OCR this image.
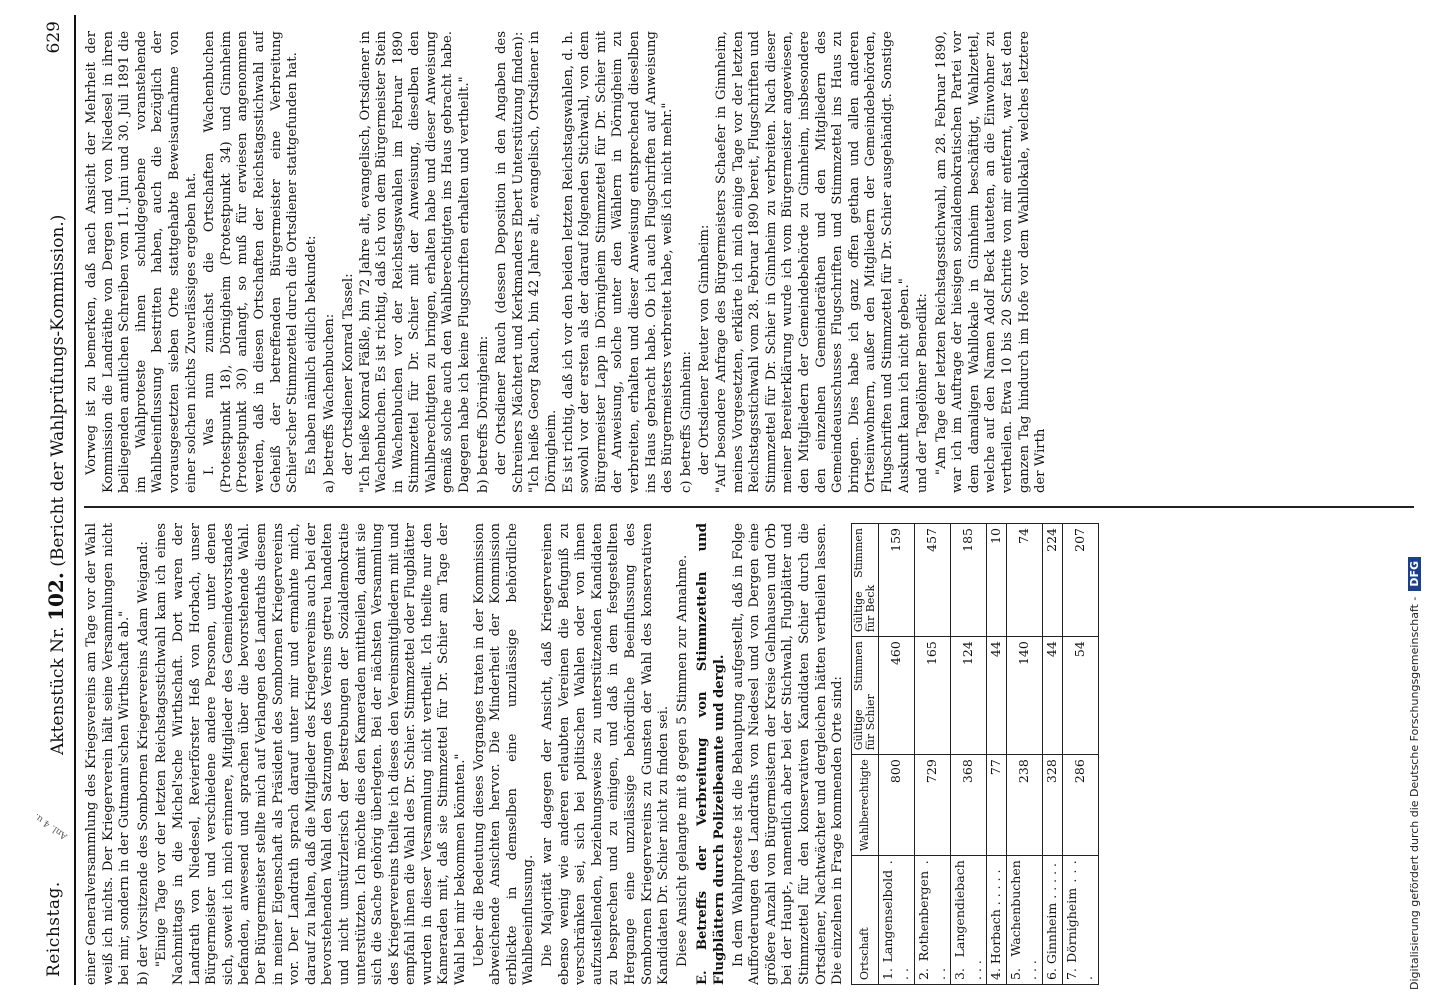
Reichstag.
Aktenstück Nr. 102. (Bericht der Wahlprüfungs-Kommission.)
629
Anl. 4 u. einer Generalversammlung des Kriegsvereins am Tage vor der Wahl weiß ich nichts. Der Kriegerverein hält seine Versammlungen nicht bei mir, sondern in der Gutmann'schen Wirthschaft ab." b) der Vorsitzende des Sombornen Kriegervereins Adam Weigand: "Einige Tage vor der letzten Reichstagsstichwahl kam ich eines Nachmittags in die Michel'sche Wirthschaft. Dort waren der Landrath von Niedesel, Revierförster Heß von Horbach, unser Bürgermeister und verschiedene andere Personen, unter denen sich, soweit ich mich erinnere, Mitglieder des Gemeindevorstandes befanden, anwesend und sprachen über die bevorstehende Wahl. Der Bürgermeister stellte mich auf Verlangen des Landraths diesem in meiner Eigenschaft als Präsident des Sombornen Kriegervereins vor. Der Landrath sprach darauf unter mir und ermahnte mich, darauf zu halten, daß die Mitglieder des Kriegervereins auch bei der bevorstehenden Wahl den Satzungen des Vereins getreu handelten und nicht umstürzlerisch der Bestrebungen der Sozialdemokratie unterstützten. Ich möchte dies den Kameraden mittheilen, damit sie sich die Sache gehörig überlegten. Bei der nächsten Versammlung des Kriegervereins theilte ich dieses den Vereinsmitgliedern mit und empfahl ihnen die Wahl des Dr. Schier. Stimmzettel oder Flugblätter wurden in dieser Versammlung nicht vertheilt. Ich theilte nur den Kameraden mit, daß sie Stimmzettel für Dr. Schier am Tage der Wahl bei mir bekommen könnten." Ueber die Bedeutung dieses Vorganges traten in der Kommission abweichende Ansichten hervor. Die Minderheit der Kommission erblickte in demselben eine unzulässige behördliche Wahlbeeinflussung. Die Majorität war dagegen der Ansicht, daß Kriegervereinen ebenso wenig wie anderen erlaubten Vereinen die Befugniß zu verschränken sei, sich bei politischen Wahlen oder von ihnen aufzustellenden, beziehungsweise zu unterstützenden Kandidaten zu besprechen und zu einigen, und daß in dem festgestellten Hergange eine unzulässige behördliche Beeinflussung des Sombornen Kriegervereins zu Gunsten der Wahl des konservativen Kandidaten Dr. Schier nicht zu finden sei. Diese Ansicht gelangte mit 8 gegen 5 Stimmen zur Annahme. E. Betreffs der Verbreitung von Stimmzetteln und Flugblättern durch Polizeibeamte und dergl. In dem Wahlproteste ist die Behauptung aufgestellt, daß in Folge Aufforderungen des Landraths von Niedesel und von Dergen eine größere Anzahl von Bürgermeistern der Kreise Gelnhausen und Orb bei der Haupt-, namentlich aber bei der Stichwahl, Flugblätter und Stimmzettel für den konservativen Kandidaten Schier durch die Ortsdiener, Nachtwächter und dergleichen hätten vertheilen lassen. Die einzelnen in Frage kommenden Orte sind: Ortschaft	Wahlberechtigte	Gültige Stimmen für Schier	Gültige Stimmen für Beck
1. Langenselbold . . .	800	460	159
2. Rothenbergen . . .	729	165	457
3. Langendiebach . . .	368	124	185
4. Horbach . . . . .	77	44	10
5. Wachenbuchen . . .	238	140	74
6. Ginnheim . . . . .	328	44	224
7. Dörnigheim . . . .	286	54	207

Vorweg ist zu bemerken, daß nach Ansicht der Mehrheit der Kommission die Landräthe von Dergen und von Niedesel in ihren beiliegenden amtlichen Schreiben vom 11. Juni und 30. Juli 1891 die im Wahlproteste ihnen schuldgegebene voranstehende Wahlbeeinflussung bestritten haben, auch die bezüglich der vorausgesetzten sieben Orte stattgehabte Beweisaufnahme von einer solchen nichts Zuverlässiges ergeben hat. I. Was nun zunächst die Ortschaften Wachenbuchen (Protestpunkt 18), Dörnigheim (Protestpunkt 34) und Ginnheim (Protestpunkt 30) anlangt, so muß für erwiesen angenommen werden, daß in diesen Ortschaften der Reichstagsstichwahl auf Geheiß der betreffenden Bürgermeister eine Verbreitung Schier'scher Stimmzettel durch die Ortsdiener stattgefunden hat. Es haben nämlich eidlich bekundet: a) betreffs Wachenbuchen: der Ortsdiener Konrad Tassel:
"Ich heiße Konrad Fäßle, bin 72 Jahre alt, evangelisch, Ortsdiener in Wachenbuchen. Es ist richtig, daß ich von dem Bürgermeister Stein in Wachenbuchen vor der Reichstagswahlen im Februar 1890 Stimmzettel für Dr. Schier mit der Anweisung, dieselben den Wahlberechtigten zu bringen, erhalten habe und dieser Anweisung gemäß solche auch den Wahlberechtigten ins Haus gebracht habe. Dagegen habe ich keine Flugschriften erhalten und vertheilt."

b) betreffs Dörnigheim: der Ortsdiener Rauch (dessen Deposition in den Angaben des Schreiners Mächtert und Kerkmanders Ebert Unterstützung finden):
"Ich heiße Georg Rauch, bin 42 Jahre alt, evangelisch, Ortsdiener in Dörnigheim.
Es ist richtig, daß ich vor den beiden letzten Reichstagswahlen, d. h. sowohl vor der ersten als der darauf folgenden Stichwahl, von dem Bürgermeister Lapp in Dörnigheim Stimmzettel für Dr. Schier mit der Anweisung, solche unter den Wählern in Dörnigheim zu verbreiten, erhalten und dieser Anweisung entsprechend dieselben ins Haus gebracht habe. Ob ich auch Flugschriften auf Anweisung des Bürgermeisters verbreitet habe, weiß ich nicht mehr."

c) betreffs Ginnheim: der Ortsdiener Reuter von Ginnheim:
"Auf besondere Anfrage des Bürgermeisters Schaefer in Ginnheim, meines Vorgesetzten, erklärte ich mich einige Tage vor der letzten Reichstagsstichwahl vom 28. Februar 1890 bereit, Flugschriften und Stimmzettel für Dr. Schier in Ginnheim zu verbreiten. Nach dieser meiner Bereiterklärung wurde ich vom Bürgermeister angewiesen, den Mitgliedern der Gemeindebehörde zu Ginnheim, insbesondere den einzelnen Gemeinderäthen und den Mitgliedern des Gemeindeausschusses Flugschriften und Stimmzettel ins Haus zu bringen. Dies habe ich ganz offen gethan und allen anderen Ortseinwohnern, außer den Mitgliedern der Gemeindebehörden, Flugschriften und Stimmzettel für Dr. Schier ausgehändigt. Sonstige Auskunft kann ich nicht geben." und der Tagelöhner Benedikt: "Am Tage der letzten Reichstagsstichwahl, am 28. Februar 1890, war ich im Auftrage der hiesigen sozialdemokratischen Partei vor dem damaligen Wahllokale in Ginnheim beschäftigt, Wahlzettel, welche auf den Namen Adolf Beck lauteten, an die Einwohner zu vertheilen. Etwa 10 bis 20 Schritte von mir entfernt, war fast den ganzen Tag hindurch im Hofe vor dem Wahllokale, welches letztere der Wirth

Digitalisierung gefördert durch die Deutsche Forschungsgemeinschaft -DFG
